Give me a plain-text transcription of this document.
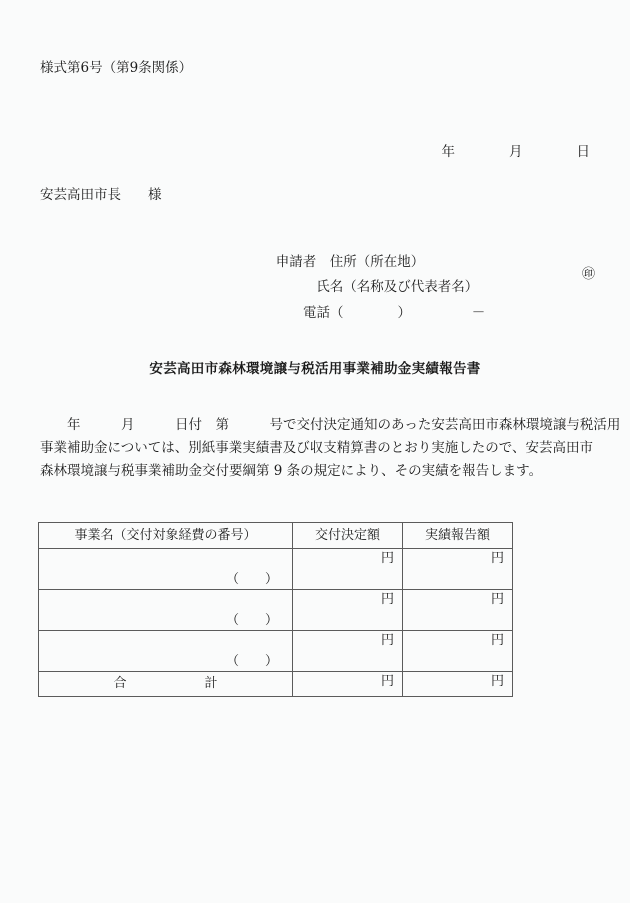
様式第6号（第9条関係）
年　　　　月　　　　日
安芸高田市長　　様

申請者　 住所（所在地）

　　　氏名（名称及び代表者名）

㊞

電話（　　　　）　　　　　－
安芸高田市森林環境譲与税活用事業補助金実績報告書
　　年　　　月　　　日付　第　　　号で交付決定通知のあった安芸高田市森林環境譲与税活用
事業補助金については、別紙事業実績書及び収支精算書のとおり実施したので、安芸高田市
森林環境譲与税事業補助金交付要綱第 9 条の規定により、その実績を報告します。
事業名（交付対象経費の番号）	交付決定額	実績報告額

（　　）	円	円

（　　）	円	円

（　　）	円	円

合　　　　　　計	円	円
